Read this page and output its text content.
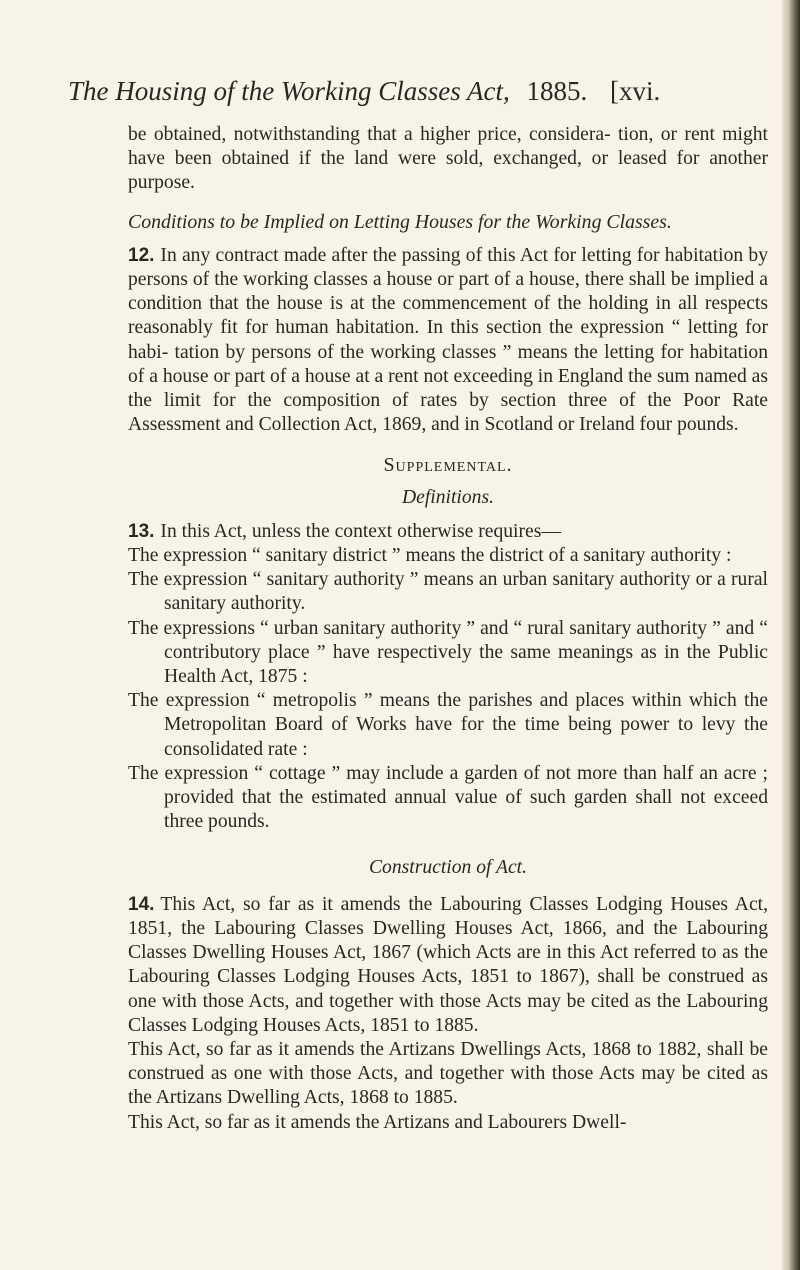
The Housing of the Working Classes Act, 1885. [xvi.

be obtained, notwithstanding that a higher price, considera- tion, or rent might have been obtained if the land were sold, exchanged, or leased for another purpose.

Conditions to be Implied on Letting Houses for the Working Classes.

12. In any contract made after the passing of this Act for letting for habitation by persons of the working classes a house or part of a house, there shall be implied a condition that the house is at the commencement of the holding in all respects reasonably fit for human habitation. In this section the expression “ letting for habi- tation by persons of the working classes ” means the letting for habitation of a house or part of a house at a rent not exceeding in England the sum named as the limit for the composition of rates by section three of the Poor Rate Assessment and Collection Act, 1869, and in Scotland or Ireland four pounds.

Supplemental.

Definitions.

13. In this Act, unless the context otherwise requires—

The expression “ sanitary district ” means the district of a sanitary authority :
The expression “ sanitary authority ” means an urban sanitary authority or a rural sanitary authority.
The expressions “ urban sanitary authority ” and “ rural sanitary authority ” and “ contributory place ” have respectively the same meanings as in the Public Health Act, 1875 :
The expression “ metropolis ” means the parishes and places within which the Metropolitan Board of Works have for the time being power to levy the consolidated rate :
The expression “ cottage ” may include a garden of not more than half an acre ; provided that the estimated annual value of such garden shall not exceed three pounds.

Construction of Act.

14. This Act, so far as it amends the Labouring Classes Lodging Houses Act, 1851, the Labouring Classes Dwelling Houses Act, 1866, and the Labouring Classes Dwelling Houses Act, 1867 (which Acts are in this Act referred to as the Labouring Classes Lodging Houses Acts, 1851 to 1867), shall be construed as one with those Acts, and together with those Acts may be cited as the Labouring Classes Lodging Houses Acts, 1851 to 1885.

This Act, so far as it amends the Artizans Dwellings Acts, 1868 to 1882, shall be construed as one with those Acts, and together with those Acts may be cited as the Artizans Dwelling Acts, 1868 to 1885.

This Act, so far as it amends the Artizans and Labourers Dwell-
